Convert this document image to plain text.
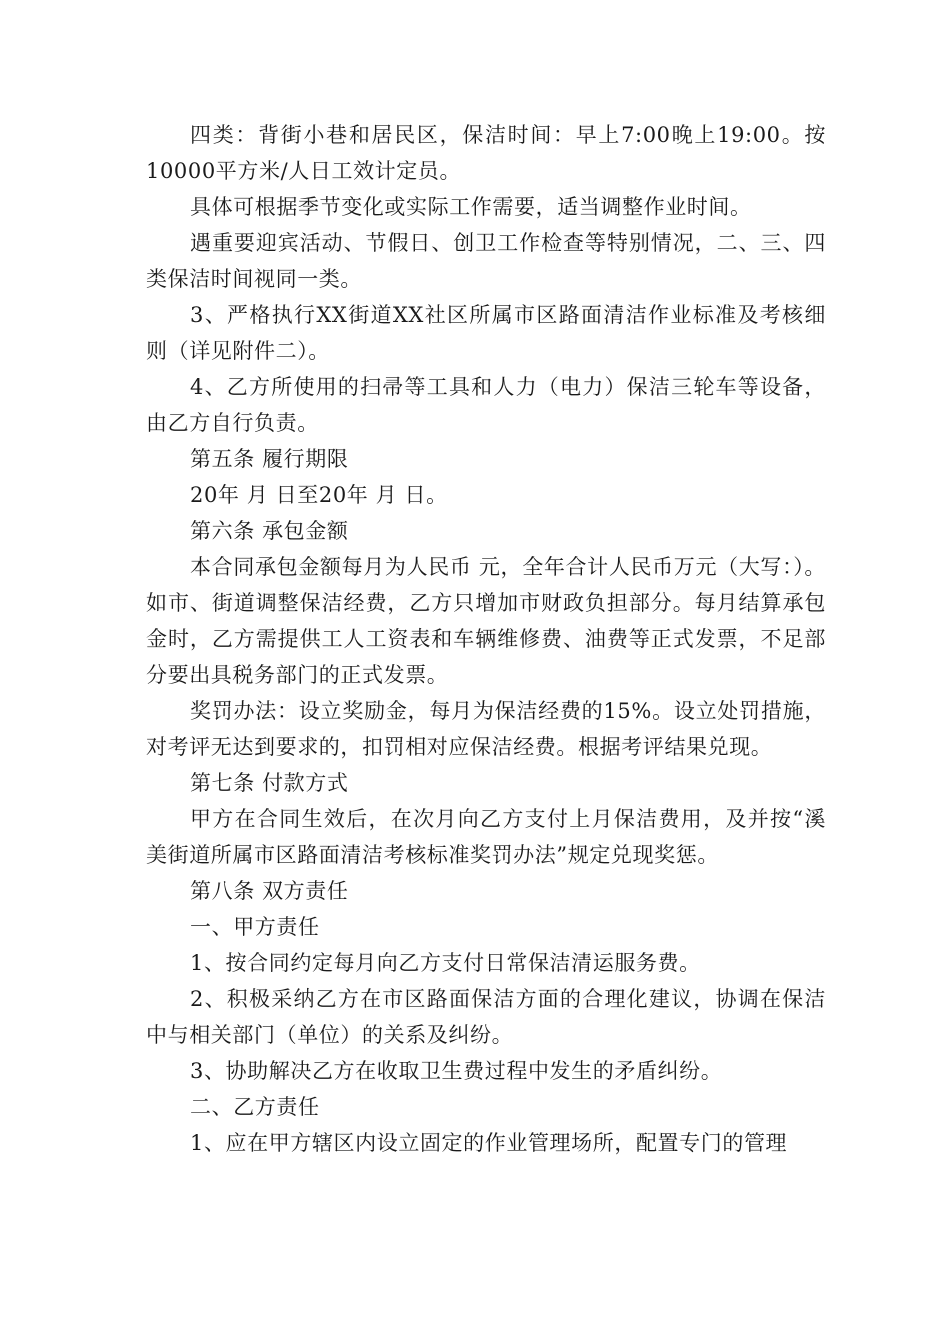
四类：背街小巷和居民区，保洁时间：早上7:00晚上19:00。按10000平方米/人日工效计定员。

具体可根据季节变化或实际工作需要，适当调整作业时间。

遇重要迎宾活动、节假日、创卫工作检查等特别情况，二、三、四类保洁时间视同一类。

3、严格执行XX街道XX社区所属市区路面清洁作业标准及考核细则（详见附件二）。

4、乙方所使用的扫帚等工具和人力（电力）保洁三轮车等设备，由乙方自行负责。

第五条 履行期限

20年 月 日至20年 月 日。

第六条 承包金额

本合同承包金额每月为人民币 元，全年合计人民币万元（大写：）。如市、街道调整保洁经费，乙方只增加市财政负担部分。每月结算承包金时，乙方需提供工人工资表和车辆维修费、油费等正式发票，不足部分要出具税务部门的正式发票。

奖罚办法：设立奖励金，每月为保洁经费的15%。设立处罚措施，对考评无达到要求的，扣罚相对应保洁经费。根据考评结果兑现。

第七条 付款方式

甲方在合同生效后，在次月向乙方支付上月保洁费用，及并按“溪美街道所属市区路面清洁考核标准奖罚办法”规定兑现奖惩。

第八条 双方责任

一、甲方责任

1、按合同约定每月向乙方支付日常保洁清运服务费。

2、积极采纳乙方在市区路面保洁方面的合理化建议，协调在保洁中与相关部门（单位）的关系及纠纷。

3、协助解决乙方在收取卫生费过程中发生的矛盾纠纷。

二、乙方责任

1、应在甲方辖区内设立固定的作业管理场所，配置专门的管理
